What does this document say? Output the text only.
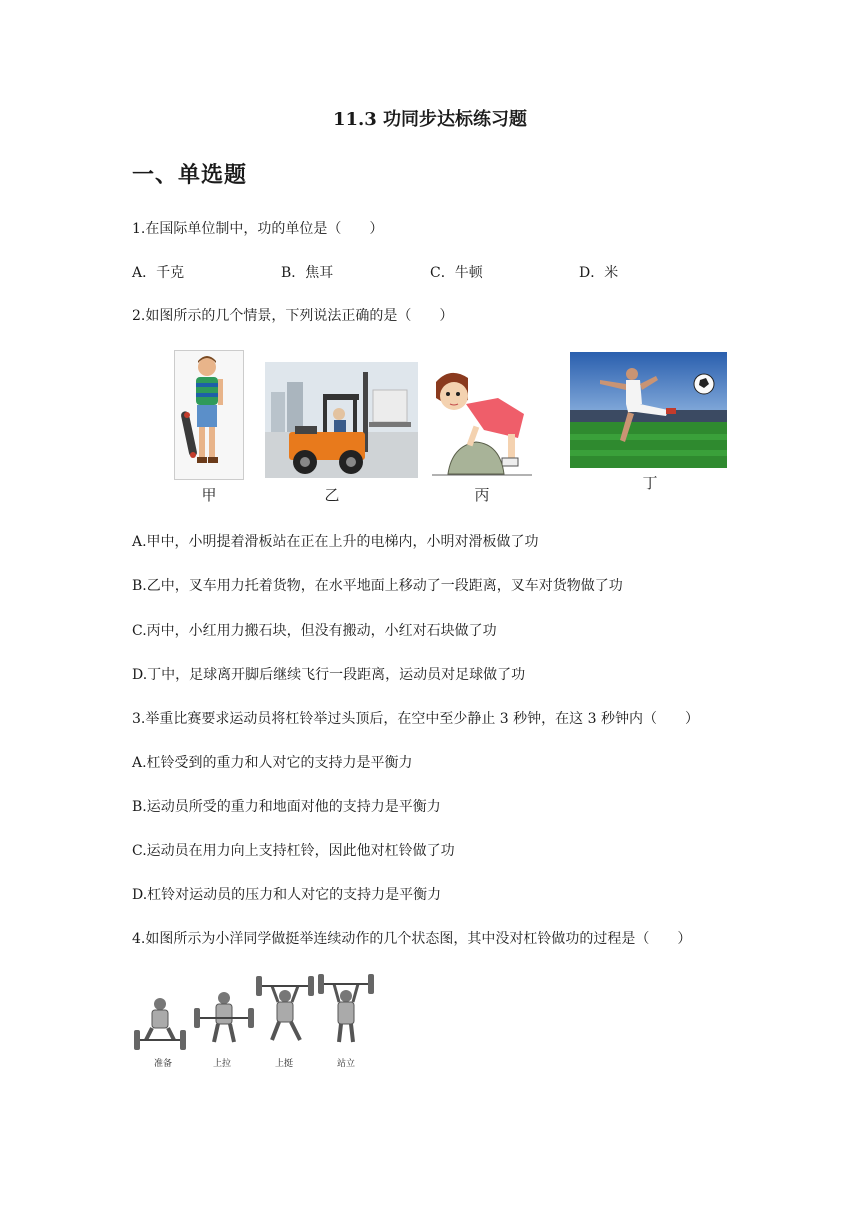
11.3 功同步达标练习题
一、单选题
1.在国际单位制中，功的单位是（　　）
A．千克	B．焦耳	C．牛顿	D．米
2.如图所示的几个情景，下列说法正确的是（　　）
甲	乙	丙
丁
A.甲中，小明提着滑板站在正在上升的电梯内，小明对滑板做了功
B.乙中，叉车用力托着货物，在水平地面上移动了一段距离，叉车对货物做了功
C.丙中，小红用力搬石块，但没有搬动，小红对石块做了功
D.丁中，足球离开脚后继续飞行一段距离，运动员对足球做了功
3.举重比赛要求运动员将杠铃举过头顶后，在空中至少静止 3 秒钟，在这 3 秒钟内（　　）
A.杠铃受到的重力和人对它的支持力是平衡力
B.运动员所受的重力和地面对他的支持力是平衡力
C.运动员在用力向上支持杠铃，因此他对杠铃做了功
D.杠铃对运动员的压力和人对它的支持力是平衡力
4.如图所示为小洋同学做挺举连续动作的几个状态图，其中没对杠铃做功的过程是（　　）
准备	上拉	上挺	站立
